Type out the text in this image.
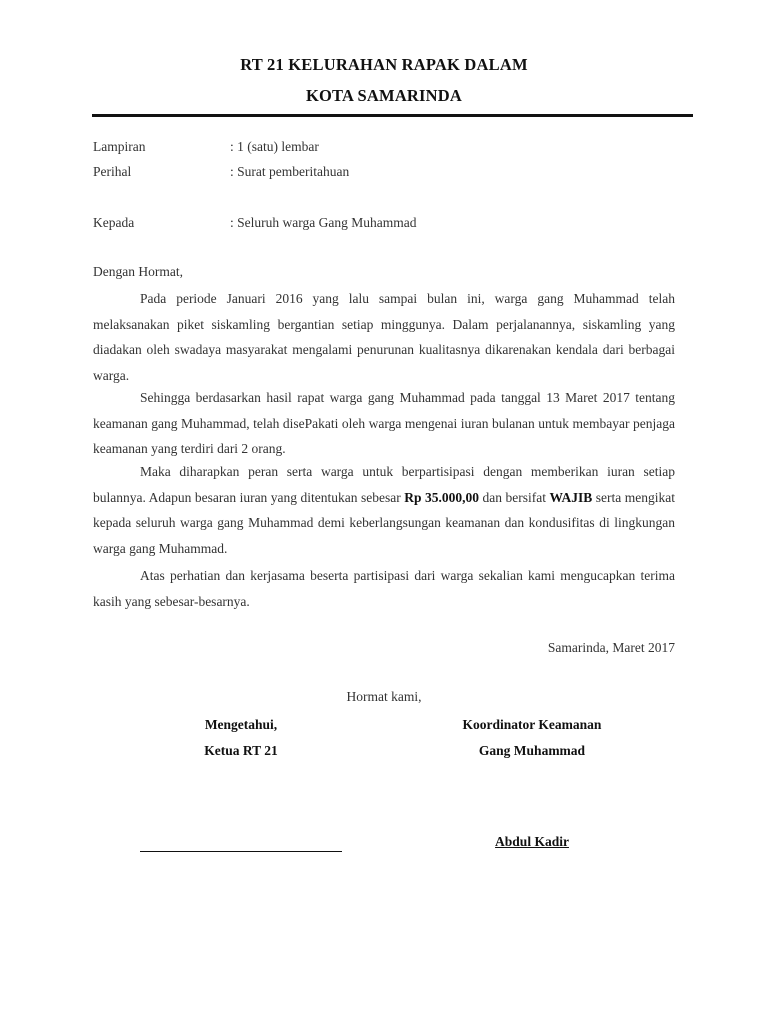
RT 21 KELURAHAN RAPAK DALAM
KOTA SAMARINDA
Lampiran	: 1 (satu) lembar
Perihal	: Surat pemberitahuan
Kepada	: Seluruh warga Gang Muhammad
Dengan Hormat,

Pada periode Januari 2016 yang lalu sampai bulan ini, warga gang Muhammad telah melaksanakan piket siskamling bergantian setiap minggunya. Dalam perjalanannya, siskamling yang diadakan oleh swadaya masyarakat mengalami penurunan kualitasnya dikarenakan kendala dari berbagai warga.

Sehingga berdasarkan hasil rapat warga gang Muhammad pada tanggal 13 Maret 2017 tentang keamanan gang Muhammad, telah disePakati oleh warga mengenai iuran bulanan untuk membayar penjaga keamanan yang terdiri dari 2 orang.

Maka diharapkan peran serta warga untuk berpartisipasi dengan memberikan iuran setiap bulannya. Adapun besaran iuran yang ditentukan sebesar Rp 35.000,00 dan bersifat WAJIB serta mengikat kepada seluruh warga gang Muhammad demi keberlangsungan keamanan dan kondusifitas di lingkungan warga gang Muhammad.

Atas perhatian dan kerjasama beserta partisipasi dari warga sekalian kami mengucapkan terima kasih yang sebesar-besarnya.

Samarinda, Maret 2017
Hormat kami,
Mengetahui,
Ketua RT 21
Koordinator Keamanan
Gang Muhammad
Abdul Kadir
